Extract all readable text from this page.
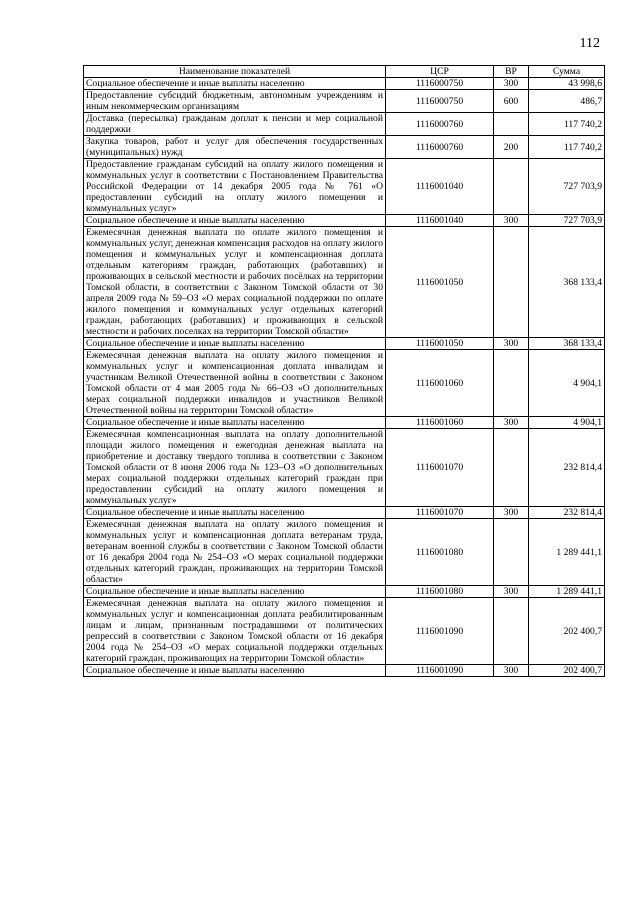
112
Наименование показателей	ЦСР	ВР	Сумма
Социальное обеспечение и иные выплаты населению	1116000750	300	43 998,6
Предоставление субсидий бюджетным, автономным учреждениям и иным некоммерческим организациям	1116000750	600	486,7
Доставка (пересылка) гражданам доплат к пенсии и мер социальной поддержки	1116000760		117 740,2
Закупка товаров, работ и услуг для обеспечения государственных (муниципальных) нужд	1116000760	200	117 740,2
Предоставление гражданам субсидий на оплату жилого помещения и коммунальных услуг в соответствии с Постановлением Правительства Российской Федерации от 14 декабря 2005 года № 761 «О предоставлении субсидий на оплату жилого помещения и коммунальных услуг»	1116001040		727 703,9
Социальное обеспечение и иные выплаты населению	1116001040	300	727 703,9
Ежемесячная денежная выплата по оплате жилого помещения и коммунальных услуг, денежная компенсация расходов на оплату жилого помещения и коммунальных услуг и компенсационная доплата отдельным категориям граждан, работающих (работавших) и проживающих в сельской местности и рабочих посёлках на территории Томской области, в соответствии с Законом Томской области от 30 апреля 2009 года № 59–ОЗ «О мерах социальной поддержки по оплате жилого помещения и коммунальных услуг отдельных категорий граждан, работающих (работавших) и проживающих в сельской местности и рабочих поселках на территории Томской области»	1116001050		368 133,4
Социальное обеспечение и иные выплаты населению	1116001050	300	368 133,4
Ежемесячная денежная выплата на оплату жилого помещения и коммунальных услуг и компенсационная доплата инвалидам и участникам Великой Отечественной войны в соответствии с Законом Томской области от 4 мая 2005 года № 66–ОЗ «О дополнительных мерах социальной поддержки инвалидов и участников Великой Отечественной войны на территории Томской области»	1116001060		4 904,1
Социальное обеспечение и иные выплаты населению	1116001060	300	4 904,1
Ежемесячная компенсационная выплата на оплату дополнительной площади жилого помещения и ежегодная денежная выплата на приобретение и доставку твердого топлива в соответствии с Законом Томской области от 8 июня 2006 года № 123–ОЗ «О дополнительных мерах социальной поддержки отдельных категорий граждан при предоставлении субсидий на оплату жилого помещения и коммунальных услуг»	1116001070		232 814,4
Социальное обеспечение и иные выплаты населению	1116001070	300	232 814,4
Ежемесячная денежная выплата на оплату жилого помещения и коммунальных услуг и компенсационная доплата ветеранам труда, ветеранам военной службы в соответствии с Законом Томской области от 16 декабря 2004 года № 254–ОЗ «О мерах социальной поддержки отдельных категорий граждан, проживающих на территории Томской области»	1116001080		1 289 441,1
Социальное обеспечение и иные выплаты населению	1116001080	300	1 289 441,1
Ежемесячная денежная выплата на оплату жилого помещения и коммунальных услуг и компенсационная доплата реабилитированным лицам и лицам, признанным пострадавшими от политических репрессий в соответствии с Законом Томской области от 16 декабря 2004 года № 254–ОЗ «О мерах социальной поддержки отдельных категорий граждан, проживающих на территории Томской области»	1116001090		202 400,7
Социальное обеспечение и иные выплаты населению	1116001090	300	202 400,7
